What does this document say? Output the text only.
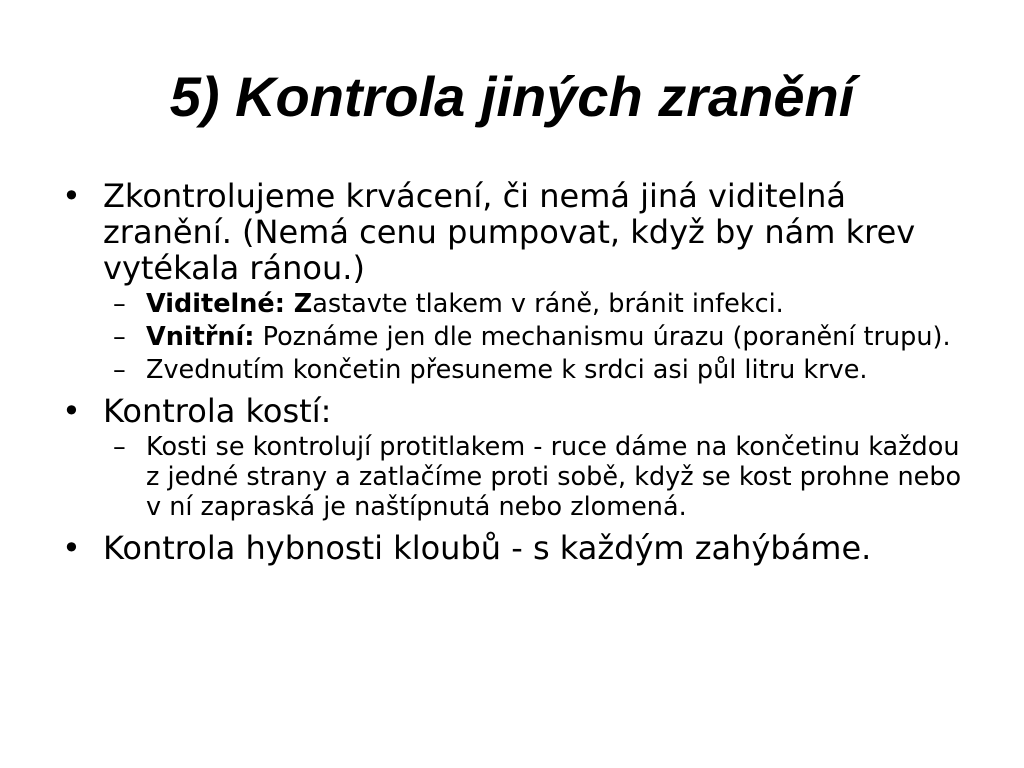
5) Kontrola jiných zranění
• Zkontrolujeme krvácení, či nemá jiná viditelná zranění. (Nemá cenu pumpovat, když by nám krev vytékala ránou.)
– Viditelné: Zastavte tlakem v ráně, bránit infekci.
– Vnitřní: Poznáme jen dle mechanismu úrazu (poranění trupu).
– Zvednutím končetin přesuneme k srdci asi půl litru krve.
• Kontrola kostí:
– Kosti se kontrolují protitlakem - ruce dáme na končetinu každou z jedné strany a zatlačíme proti sobě, když se kost prohne nebo v ní zapraská je naštípnutá nebo zlomená.
• Kontrola hybnosti kloubů - s každým zahýbáme.
